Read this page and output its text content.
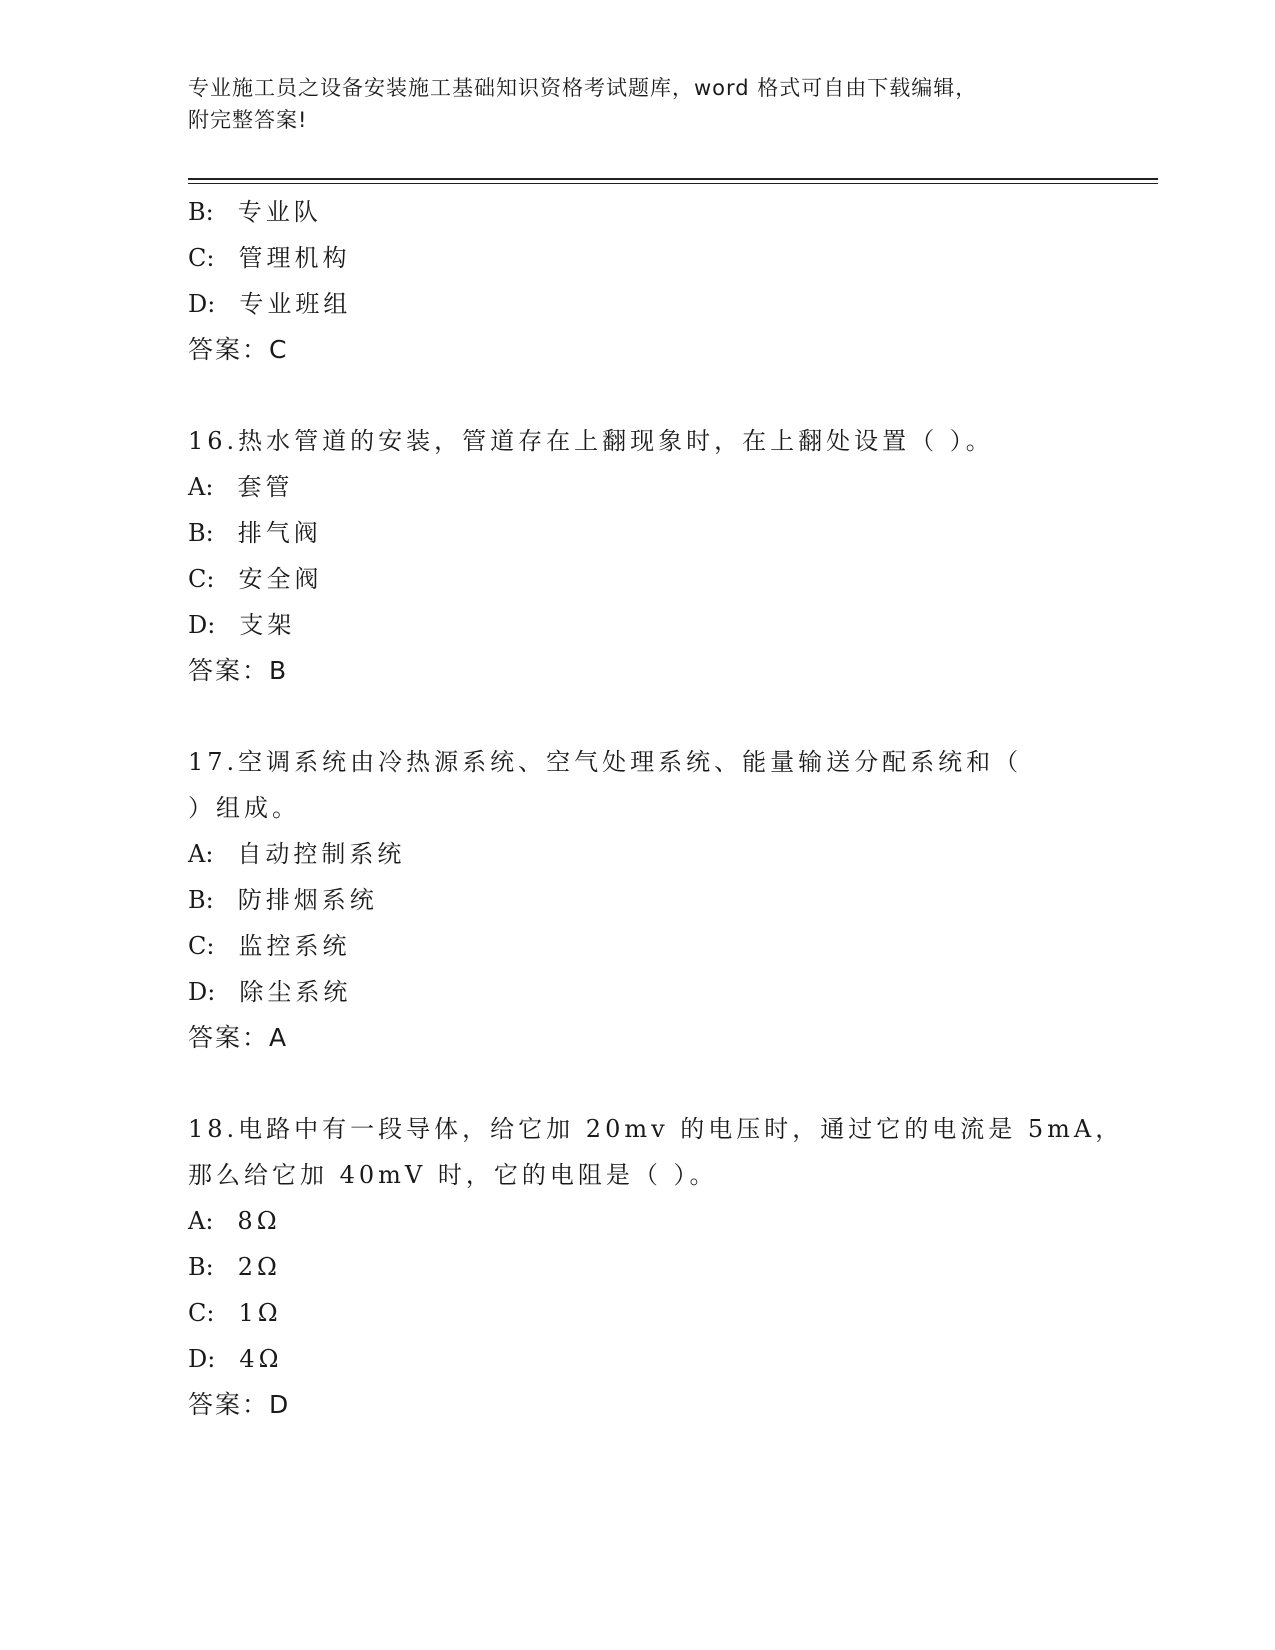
专业施工员之设备安装施工基础知识资格考试题库，word 格式可自由下载编辑，
附完整答案!
B: 专业队
C: 管理机构
D: 专业班组
答案：C
16.热水管道的安装，管道存在上翻现象时，在上翻处设置（ ）。
A: 套管
B: 排气阀
C: 安全阀
D: 支架
答案：B
17.空调系统由冷热源系统、空气处理系统、能量输送分配系统和（
）组成。
A: 自动控制系统
B: 防排烟系统
C: 监控系统
D: 除尘系统
答案：A
18.电路中有一段导体，给它加 20mv 的电压时，通过它的电流是 5mA，
那么给它加 40mV 时，它的电阻是（ ）。
A: 8Ω
B: 2Ω
C: 1Ω
D: 4Ω
答案：D
